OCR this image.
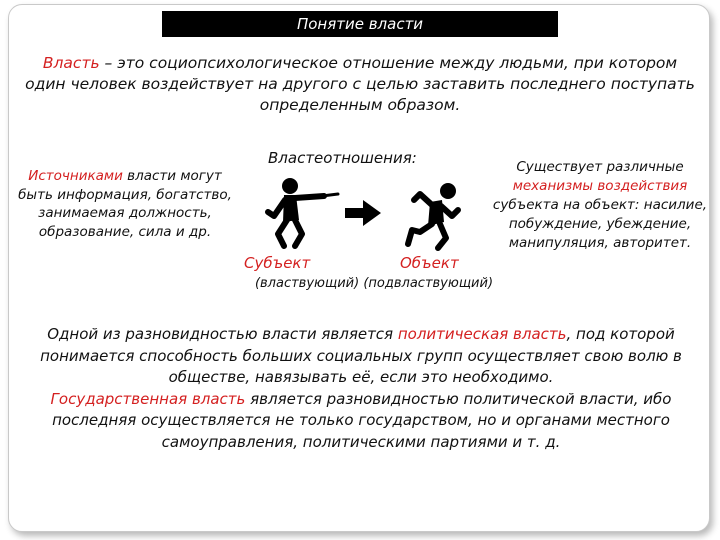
Понятие власти
Власть – это социопсихологическое отношение между людьми, при котором один человек воздействует на другого с целью заставить последнего поступать определенным образом.
Источниками власти могут быть информация, богатство, занимаемая должность, образование, сила и др.
Властеотношения:
Субъект	Объект
(властвующий) (подвластвующий)
Существует различные
механизмы воздействия субъекта на объект: насилие, побуждение, убеждение, манипуляция, авторитет.
Одной из разновидностью власти является политическая власть, под которой понимается способность больших социальных групп осуществляет свою волю в обществе, навязывать её, если это необходимо.
Государственная власть является разновидностью политической власти, ибо последняя осуществляется не только государством, но и органами местного самоуправления, политическими партиями и т. д.
